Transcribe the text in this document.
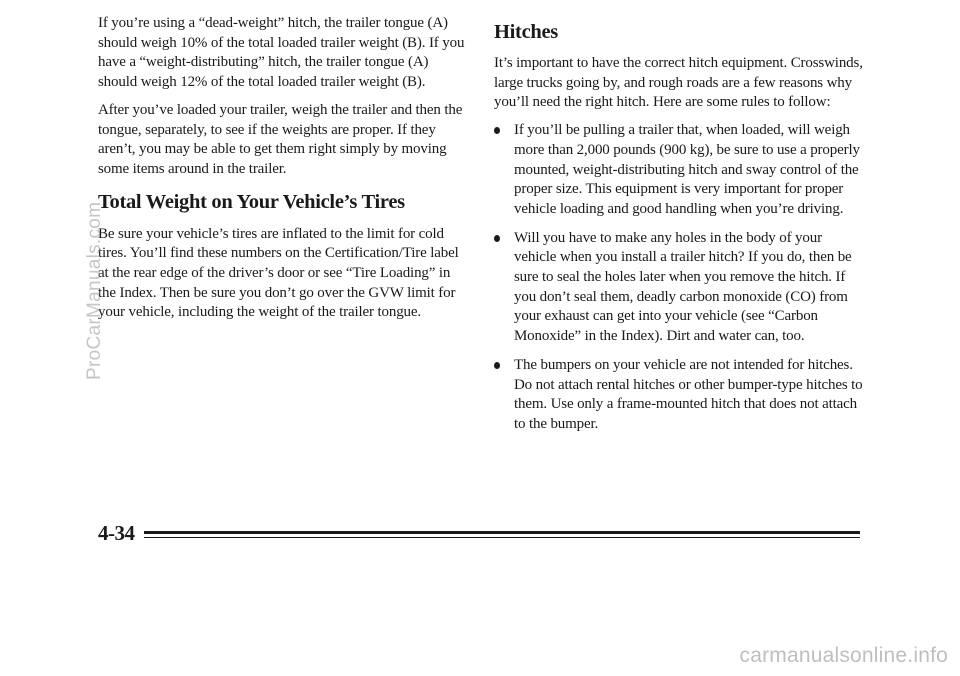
If you’re using a “dead-weight” hitch, the trailer tongue (A) should weigh 10% of the total loaded trailer weight (B). If you have a “weight-distributing” hitch, the trailer tongue (A) should weigh 12% of the total loaded trailer weight (B).

After you’ve loaded your trailer, weigh the trailer and then the tongue, separately, to see if the weights are proper. If they aren’t, you may be able to get them right simply by moving some items around in the trailer.

Total Weight on Your Vehicle’s Tires

Be sure your vehicle’s tires are inflated to the limit for cold tires. You’ll find these numbers on the Certification/Tire label at the rear edge of the driver’s door or see “Tire Loading” in the Index. Then be sure you don’t go over the GVW limit for your vehicle, including the weight of the trailer tongue.

Hitches

It’s important to have the correct hitch equipment. Crosswinds, large trucks going by, and rough roads are a few reasons why you’ll need the right hitch. Here are some rules to follow:

If you’ll be pulling a trailer that, when loaded, will weigh more than 2,000 pounds (900 kg), be sure to use a properly mounted, weight-distributing hitch and sway control of the proper size. This equipment is very important for proper vehicle loading and good handling when you’re driving.
Will you have to make any holes in the body of your vehicle when you install a trailer hitch? If you do, then be sure to seal the holes later when you remove the hitch. If you don’t seal them, deadly carbon monoxide (CO) from your exhaust can get into your vehicle (see “Carbon Monoxide” in the Index). Dirt and water can, too.
The bumpers on your vehicle are not intended for hitches. Do not attach rental hitches or other bumper-type hitches to them. Use only a frame-mounted hitch that does not attach to the bumper.
4-34
ProCarManuals.com
carmanualsonline.info
